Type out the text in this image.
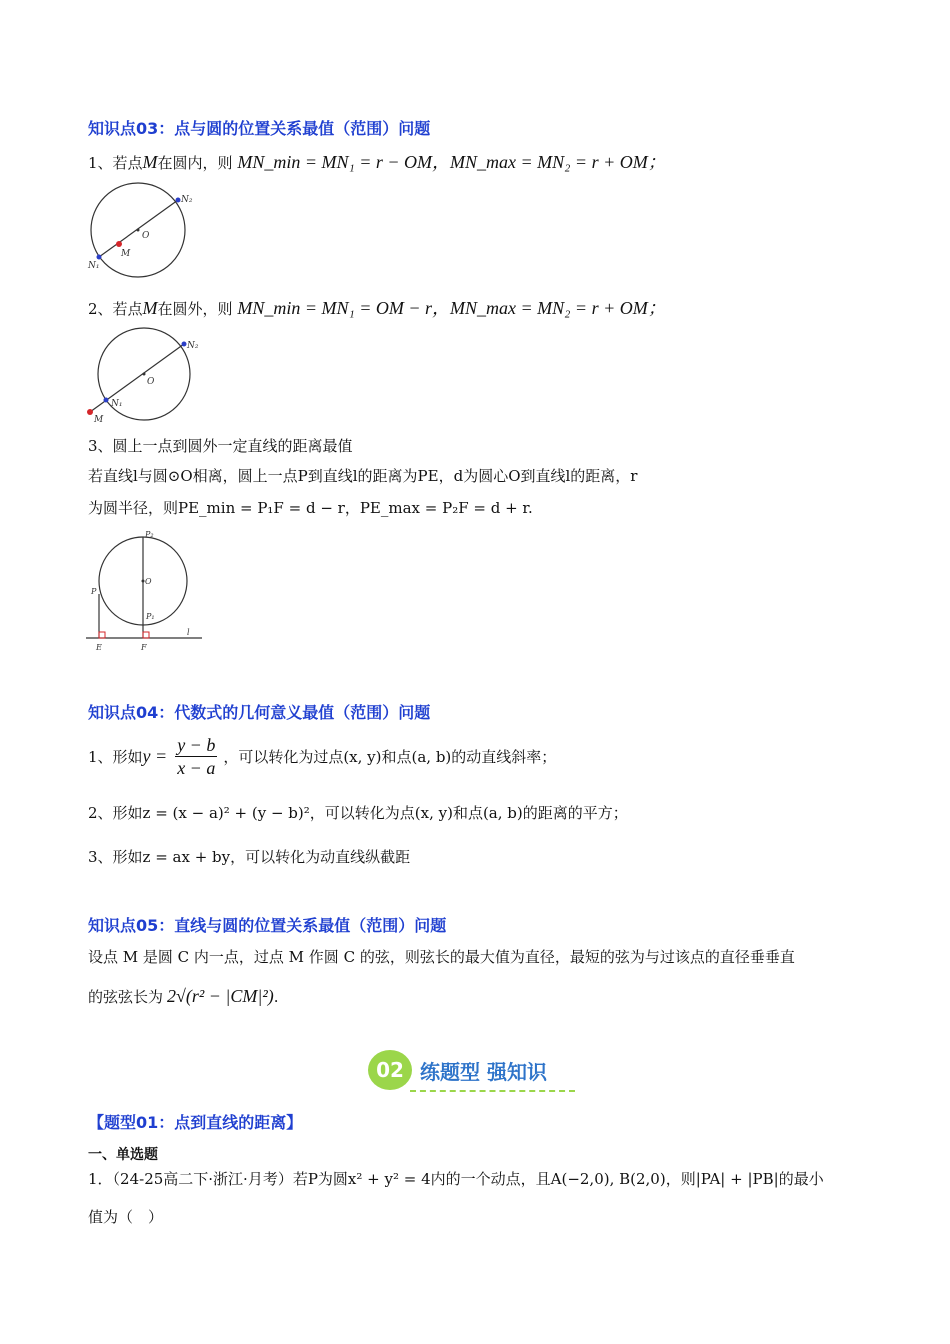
知识点03：点与圆的位置关系最值（范围）问题
1、若点M在圆内，则 MN_min = MN₁ = r − OM，MN_max = MN₂ = r + OM；
N₂
O
M
N₁
2、若点M在圆外，则 MN_min = MN₁ = OM − r，MN_max = MN₂ = r + OM；
N₂
O
N₁
M
3、圆上一点到圆外一定直线的距离最值
若直线l与圆⊙O相离，圆上一点P到直线l的距离为PE，d为圆心O到直线l的距离，r
为圆半径，则PE_min = P₁F = d − r，PE_max = P₂F = d + r.
P₂
O
P
P₁
l
E	F
知识点04：代数式的几何意义最值（范围）问题
1、形如 $y = \frac{y - b}{x - a}$ ，可以转化为过点(x, y)和点(a, b)的动直线斜率；
2、形如z = (x − a)² + (y − b)²，可以转化为点(x, y)和点(a, b)的距离的平方；
3、形如z = ax + by，可以转化为动直线纵截距
知识点05：直线与圆的位置关系最值（范围）问题
设点 M 是圆 C 内一点，过点 M 作圆 C 的弦，则弦长的最大值为直径，最短的弦为与过该点的直径垂垂直
的弦弦长为 2√(r² − |CM|²) .
02 练题型 强知识
【题型01：点到直线的距离】
一、单选题
1．（24-25高二下·浙江·月考）若P为圆x² + y² = 4内的一个动点，且A(−2,0), B(2,0)，则|PA| + |PB|的最小
值为（　）
